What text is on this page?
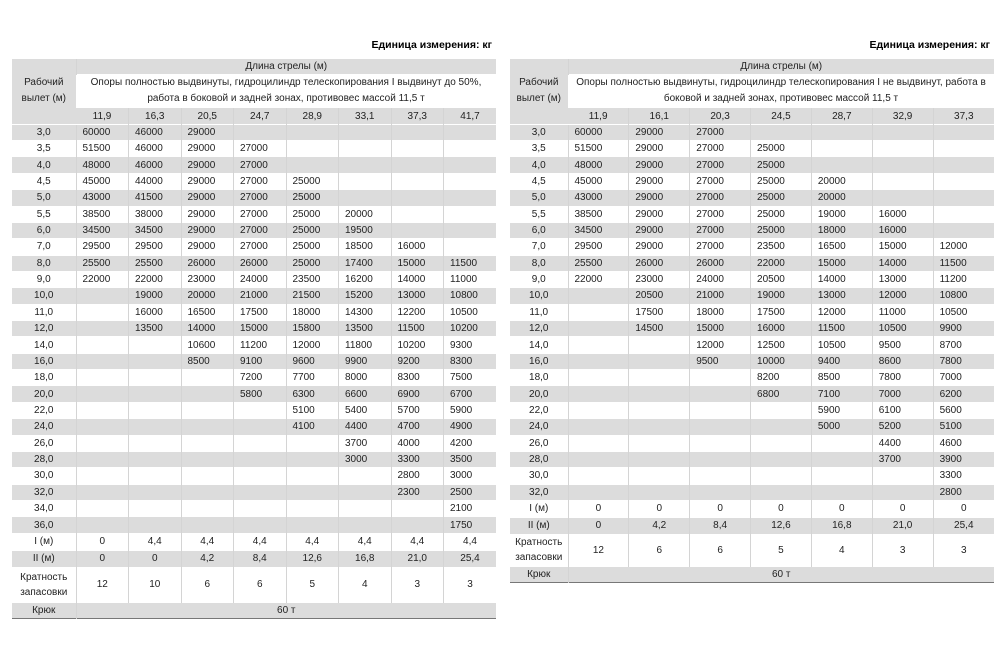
Единица измерения: кг	Единица измерения: кг
Рабочий вылет (м)	Длина стрелы (м)							
	Опоры полностью выдвинуты, гидроцилиндр телескопирования I выдвинут до 50%, работа в боковой и задней зонах, противовес массой 11,5 т							
	11,9	16,3	20,5	24,7	28,9	33,1	37,3	41,7
3,0	60000	46000	29000					
3,5	51500	46000	29000	27000				
4,0	48000	46000	29000	27000				
4,5	45000	44000	29000	27000	25000			
5,0	43000	41500	29000	27000	25000			
5,5	38500	38000	29000	27000	25000	20000		
6,0	34500	34500	29000	27000	25000	19500		
7,0	29500	29500	29000	27000	25000	18500	16000	
8,0	25500	25500	26000	26000	25000	17400	15000	11500
9,0	22000	22000	23000	24000	23500	16200	14000	11000
10,0		19000	20000	21000	21500	15200	13000	10800
11,0		16000	16500	17500	18000	14300	12200	10500
12,0		13500	14000	15000	15800	13500	11500	10200
14,0			10600	11200	12000	11800	10200	9300
16,0			8500	9100	9600	9900	9200	8300
18,0				7200	7700	8000	8300	7500
20,0				5800	6300	6600	6900	6700
22,0					5100	5400	5700	5900
24,0					4100	4400	4700	4900
26,0						3700	4000	4200
28,0						3000	3300	3500
30,0							2800	3000
32,0							2300	2500
34,0								2100
36,0								1750
I (м)	0	4,4	4,4	4,4	4,4	4,4	4,4	4,4
II (м)	0	0	4,2	8,4	12,6	16,8	21,0	25,4
Кратность запасовки	12	10	6	6	5	4	3	3
Крюк	60 т							
Рабочий вылет (м)	Длина стрелы (м)						
	Опоры полностью выдвинуты, гидроцилиндр телескопирования I не выдвинут, работа в боковой и задней зонах, противовес массой 11,5 т						
	11,9	16,1	20,3	24,5	28,7	32,9	37,3
3,0	60000	29000	27000				
3,5	51500	29000	27000	25000			
4,0	48000	29000	27000	25000			
4,5	45000	29000	27000	25000	20000		
5,0	43000	29000	27000	25000	20000		
5,5	38500	29000	27000	25000	19000	16000	
6,0	34500	29000	27000	25000	18000	16000	
7,0	29500	29000	27000	23500	16500	15000	12000
8,0	25500	26000	26000	22000	15000	14000	11500
9,0	22000	23000	24000	20500	14000	13000	11200
10,0		20500	21000	19000	13000	12000	10800
11,0		17500	18000	17500	12000	11000	10500
12,0		14500	15000	16000	11500	10500	9900
14,0			12000	12500	10500	9500	8700
16,0			9500	10000	9400	8600	7800
18,0				8200	8500	7800	7000
20,0				6800	7100	7000	6200
22,0					5900	6100	5600
24,0					5000	5200	5100
26,0						4400	4600
28,0						3700	3900
30,0							3300
32,0							2800
I (м)	0	0	0	0	0	0	0
II (м)	0	4,2	8,4	12,6	16,8	21,0	25,4
Кратность запасовки	12	6	6	5	4	3	3
Крюк	60 т						
